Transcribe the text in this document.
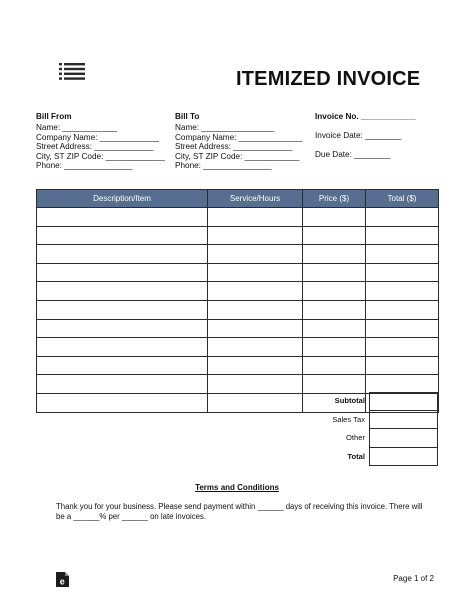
ITEMIZED INVOICE
Bill From
Name: ____________
Company Name: _____________
Street Address: _____________
City, ST ZIP Code: _____________
Phone: _______________
Bill To
Name: ________________
Company Name: ______________
Street Address: _____________
City, ST ZIP Code: ____________
Phone: _______________
Invoice No. ____________
Invoice Date: ________
Due Date: ________
Description/Item	Service/Hours	Price ($)	Total ($)

Subtotal
Sales Tax
Other
Total
Terms and Conditions
Thank you for your business. Please send payment within ______ days of receiving this invoice. There will be a ______% per ______ on late invoices.
e	Page 1 of 2
